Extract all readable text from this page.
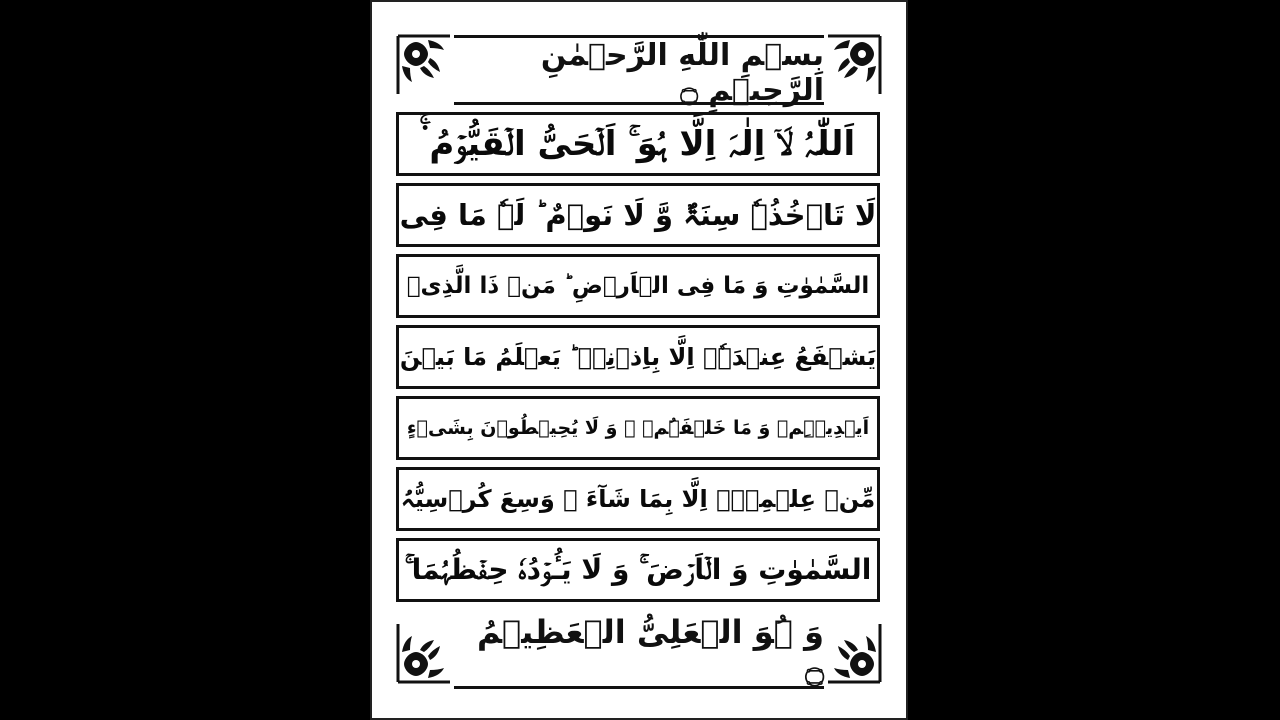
بِسۡمِ اللّٰهِ الرَّحۡمٰنِ الرَّحِیۡمِ ۝
اَللّٰہُ لَاۤ اِلٰہَ اِلَّا ہُوَ ۚ اَلۡحَیُّ الۡقَیُّوۡمُ ۬ۚ
لَا تَاۡخُذُہٗ سِنَۃٌ وَّ لَا نَوۡمٌ ؕ لَہٗ مَا فِی
السَّمٰوٰتِ وَ مَا فِی الۡاَرۡضِ ؕ مَنۡ ذَا الَّذِیۡ
یَشۡفَعُ عِنۡدَہٗۤ اِلَّا بِاِذۡنِہٖ ؕ یَعۡلَمُ مَا بَیۡنَ
اَیۡدِیۡہِمۡ وَ مَا خَلۡفَہُمۡ ۚ وَ لَا یُحِیۡطُوۡنَ بِشَیۡءٍ
مِّنۡ عِلۡمِہٖۤ اِلَّا بِمَا شَآءَ ۚ وَسِعَ کُرۡسِیُّہُ
السَّمٰوٰتِ وَ الۡاَرۡضَ ۚ وَ لَا یَـُٔوۡدُہٗ حِفۡظُہُمَا ۚ
وَ ہُوَ الۡعَلِیُّ الۡعَظِیۡمُ ۝
